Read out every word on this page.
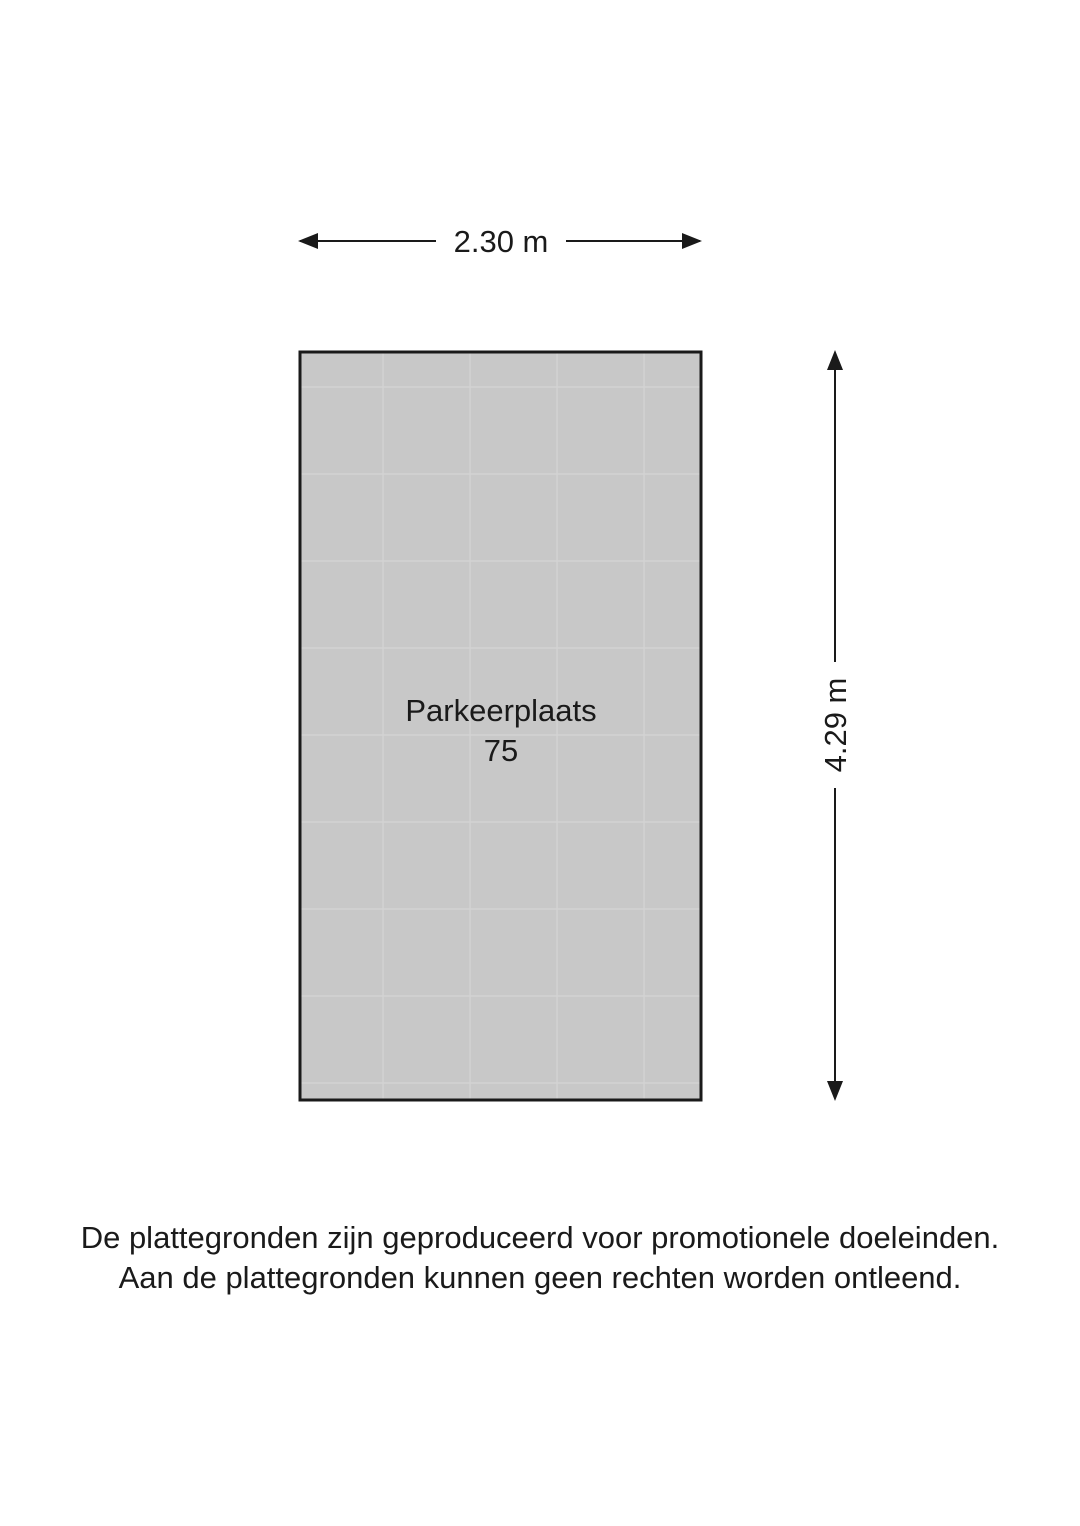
2.30 m
4.29 m
Parkeerplaats
75
De plattegronden zijn geproduceerd voor promotionele doeleinden.
Aan de plattegronden kunnen geen rechten worden ontleend.
